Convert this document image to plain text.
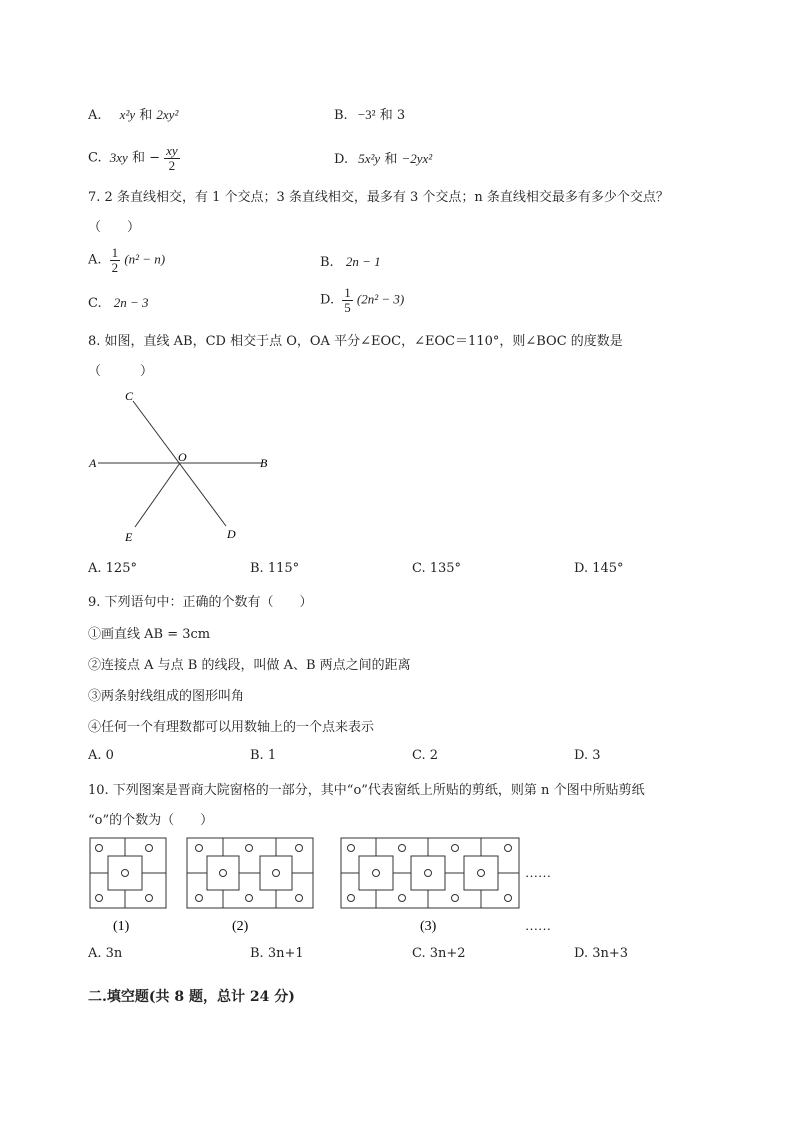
A. x²y 和 2xy²	B. −3² 和 3
C. 3xy 和 − $\frac{xy}{2}$	D. 5x²y 和 −2yx²
7. 2 条直线相交，有 1 个交点；3 条直线相交，最多有 3 个交点；n 条直线相交最多有多少个交点？
（　　）
A. $\frac{1}{2} (n^2 - n)$	B. 2n − 1
C. 2n − 3	D. $\frac{1}{5} (2n^2 - 3)$
8. 如图，直线 AB，CD 相交于点 O，OA 平分∠EOC，∠EOC＝110°，则∠BOC 的度数是
（　　　）
C
A	O	B
E	D
A. 125°	B. 115°	C. 135°	D. 145°
9. 下列语句中：正确的个数有（　　）
①画直线 AB = 3cm
②连接点 A 与点 B 的线段，叫做 A、B 两点之间的距离
③两条射线组成的图形叫角
④任何一个有理数都可以用数轴上的一个点来表示
A. 0	B. 1	C. 2	D. 3
10. 下列图案是晋商大院窗格的一部分，其中“o”代表窗纸上所贴的剪纸，则第 n 个图中所贴剪纸
“o”的个数为（　　）
……
(1)	(2)	(3)	……
A. 3n	B. 3n+1	C. 3n+2	D. 3n+3
二.填空题(共 8 题，总计 24 分)
